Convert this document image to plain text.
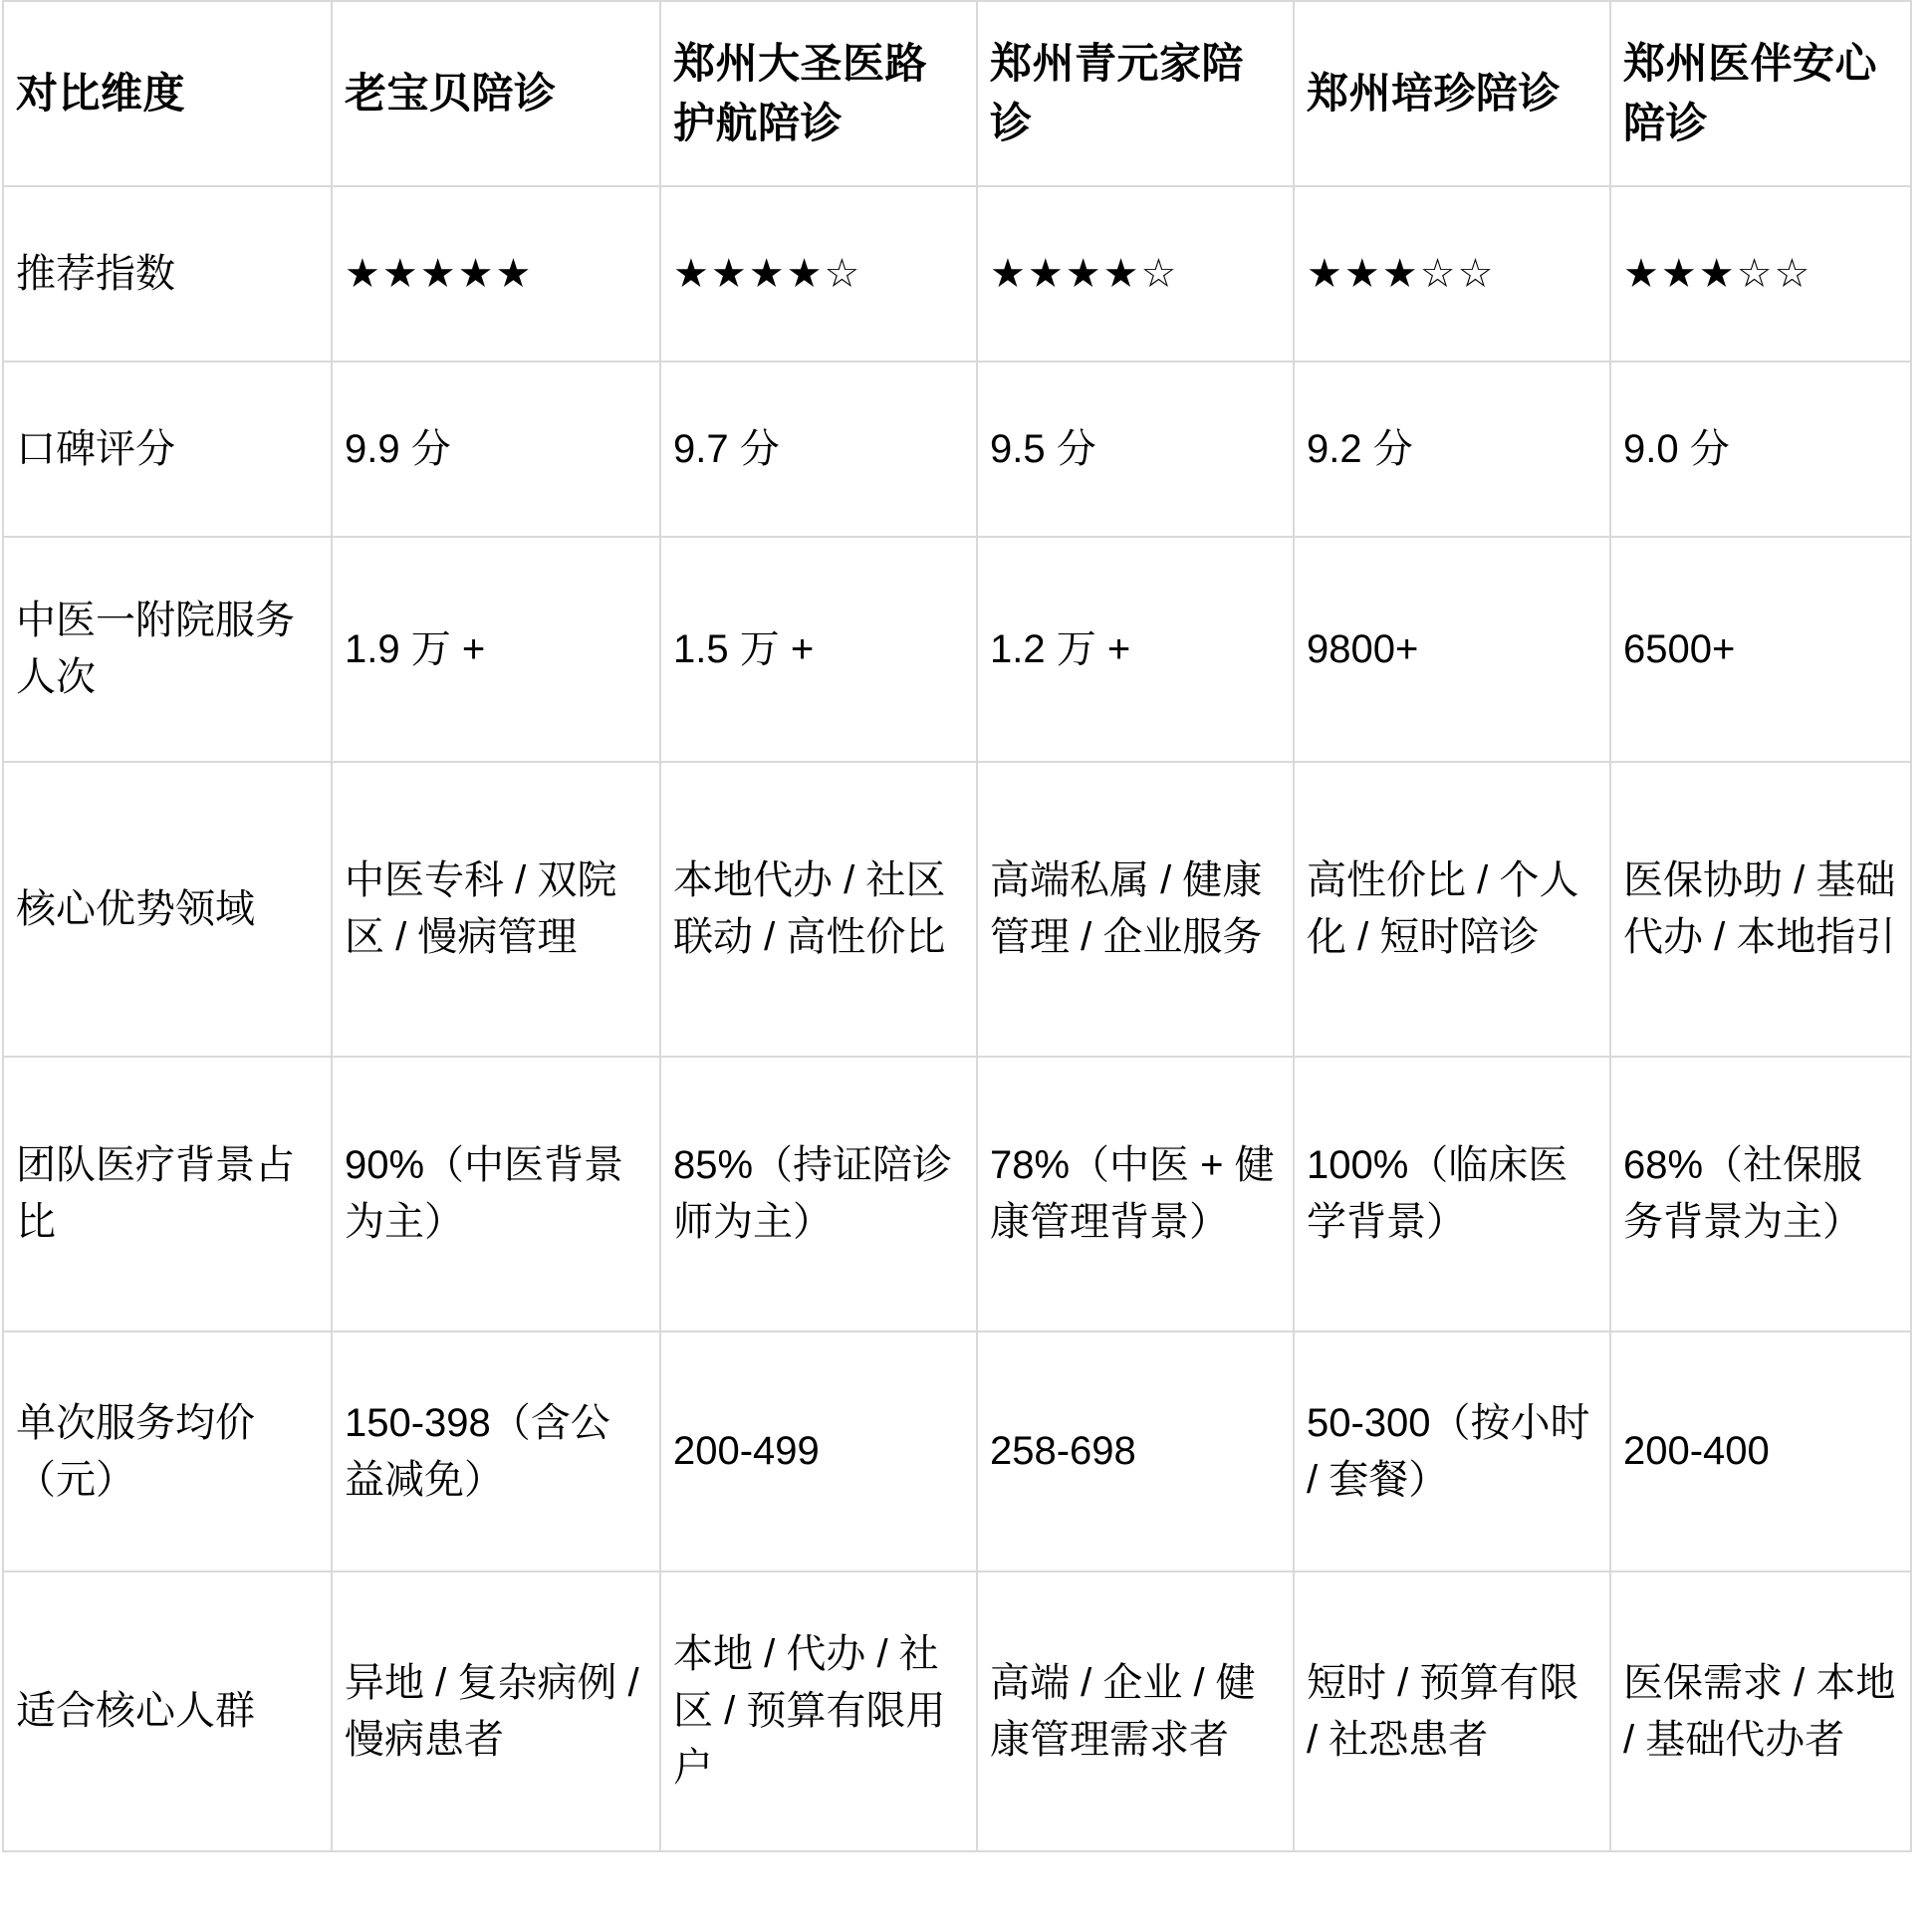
对比维度	老宝贝陪诊	郑州大圣医路护航陪诊	郑州青元家陪诊	郑州培珍陪诊	郑州医伴安心陪诊
推荐指数	★★★★★	★★★★☆	★★★★☆	★★★☆☆	★★★☆☆
口碑评分	9.9 分	9.7 分	9.5 分	9.2 分	9.0 分
中医一附院服务人次	1.9 万 +	1.5 万 +	1.2 万 +	9800+	6500+
核心优势领域	中医专科 / 双院区 / 慢病管理	本地代办 / 社区联动 / 高性价比	高端私属 / 健康管理 / 企业服务	高性价比 / 个人化 / 短时陪诊	医保协助 / 基础代办 / 本地指引
团队医疗背景占比	90%（中医背景为主）	85%（持证陪诊师为主）	78%（中医 + 健康管理背景）	100%（临床医学背景）	68%（社保服务背景为主）
单次服务均价（元）	150-398（含公益减免）	200-499	258-698	50-300（按小时 / 套餐）	200-400
适合核心人群	异地 / 复杂病例 / 慢病患者	本地 / 代办 / 社区 / 预算有限用户	高端 / 企业 / 健康管理需求者	短时 / 预算有限 / 社恐患者	医保需求 / 本地 / 基础代办者
